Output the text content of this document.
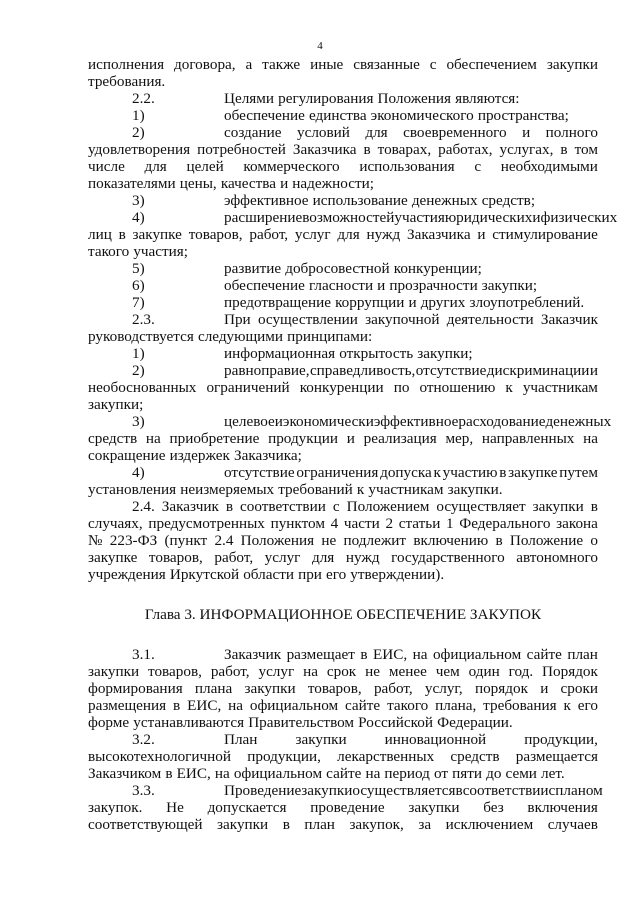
4
исполнения договора, а также иные связанные с обеспечением закупки
требования.
2.2.	Целями регулирования Положения являются:
1)	обеспечение единства экономического пространства;
2)	создание условий для своевременного и полного
удовлетворения потребностей Заказчика в товарах, работах, услугах, в том
числе для целей коммерческого использования с необходимыми
показателями цены, качества и надежности;
3)	эффективное использование денежных средств;
4)	расширение возможностей участия юридических и физических
лиц в закупке товаров, работ, услуг для нужд Заказчика и стимулирование
такого участия;
5)	развитие добросовестной конкуренции;
6)	обеспечение гласности и прозрачности закупки;
7)	предотвращение коррупции и других злоупотреблений.
2.3.	При осуществлении закупочной деятельности Заказчик
руководствуется следующими принципами:
1)	информационная открытость закупки;
2)	равноправие, справедливость, отсутствие дискриминации и
необоснованных ограничений конкуренции по отношению к участникам
закупки;
3)	целевое и экономически эффективное расходование денежных
средств на приобретение продукции и реализация мер, направленных на
сокращение издержек Заказчика;
4)	отсутствие ограничения допуска к участию в закупке путем
установления неизмеряемых требований к участникам закупки.
2.4. Заказчик в соответствии с Положением осуществляет закупки в
случаях, предусмотренных пунктом 4 части 2 статьи 1 Федерального закона
№ 223-ФЗ (пункт 2.4 Положения не подлежит включению в Положение о
закупке товаров, работ, услуг для нужд государственного автономного
учреждения Иркутской области при его утверждении).
Глава 3. ИНФОРМАЦИОННОЕ ОБЕСПЕЧЕНИЕ ЗАКУПОК
3.1.	Заказчик размещает в ЕИС, на официальном сайте план
закупки товаров, работ, услуг на срок не менее чем один год. Порядок
формирования плана закупки товаров, работ, услуг, порядок и сроки
размещения в ЕИС, на официальном сайте такого плана, требования к его
форме устанавливаются Правительством Российской Федерации.
3.2.	План	закупки	инновационной	продукции,
высокотехнологичной продукции, лекарственных средств размещается
Заказчиком в ЕИС, на официальном сайте на период от пяти до семи лет.
3.3.	Проведение закупки осуществляется в соответствии с планом
закупок. Не допускается проведение закупки без включения
соответствующей закупки в план закупок, за исключением случаев
